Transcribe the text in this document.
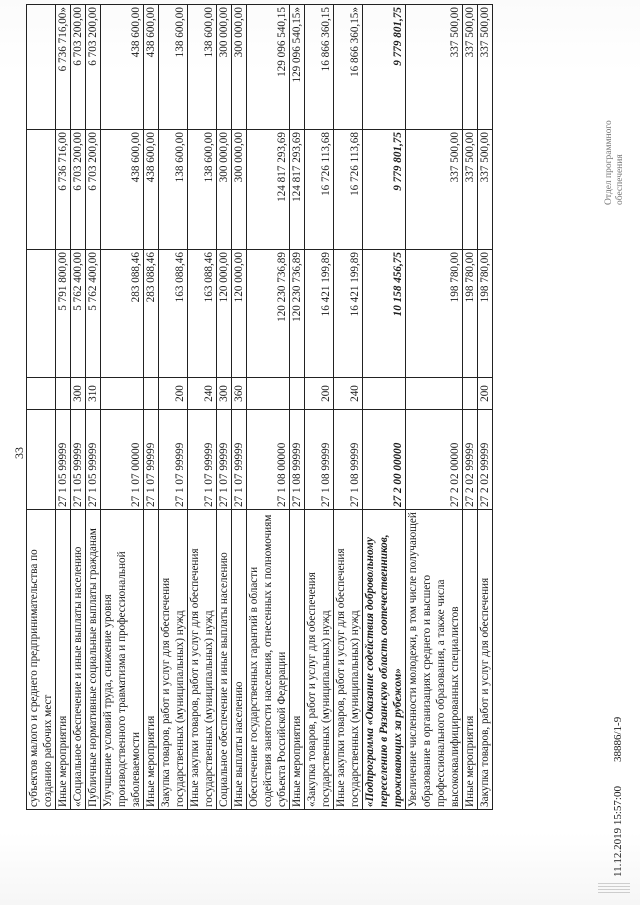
33
субъектов малого и среднего предпринимательства по созданию рабочих мест					
Иные мероприятия	27 1 05 99999		5 791 800,00	6 736 716,00	6 736 716,00»
«Социальное обеспечение и иные выплаты населению	27 1 05 99999	300	5 762 400,00	6 703 200,00	6 703 200,00
Публичные нормативные социальные выплаты гражданам	27 1 05 99999	310	5 762 400,00	6 703 200,00	6 703 200,00
Улучшение условий труда, снижение уровня производственного травматизма и профессиональной заболеваемости	27 1 07 00000		283 088,46	438 600,00	438 600,00
Иные мероприятия	27 1 07 99999		283 088,46	438 600,00	438 600,00
Закупка товаров, работ и услуг для обеспечения государственных (муниципальных) нужд	27 1 07 99999	200	163 088,46	138 600,00	138 600,00
Иные закупки товаров, работ и услуг для обеспечения государственных (муниципальных) нужд	27 1 07 99999	240	163 088,46	138 600,00	138 600,00
Социальное обеспечение и иные выплаты населению	27 1 07 99999	300	120 000,00	300 000,00	300 000,00
Иные выплаты населению	27 1 07 99999	360	120 000,00	300 000,00	300 000,00
Обеспечение государственных гарантий в области содействия занятости населения, отнесенных к полномочиям субъекта Российской Федерации	27 1 08 00000		120 230 736,89	124 817 293,69	129 096 540,15
Иные мероприятия	27 1 08 99999		120 230 736,89	124 817 293,69	129 096 540,15»
«Закупка товаров, работ и услуг для обеспечения государственных (муниципальных) нужд	27 1 08 99999	200	16 421 199,89	16 726 113,68	16 866 360,15
Иные закупки товаров, работ и услуг для обеспечения государственных (муниципальных) нужд	27 1 08 99999	240	16 421 199,89	16 726 113,68	16 866 360,15»
«Подпрограмма «Оказание содействия добровольному переселению в Рязанскую область соотечественников, проживающих за рубежом»	27 2 00 00000		10 158 456,75	9 779 801,75	9 779 801,75
Увеличение численности молодежи, в том числе получающей образование в организациях среднего и высшего профессионального образования, а также числа высококвалифицированных специалистов	27 2 02 00000		198 780,00	337 500,00	337 500,00
Иные мероприятия	27 2 02 99999		198 780,00	337 500,00	337 500,00
Закупка товаров, работ и услуг для обеспечения	27 2 02 99999	200	198 780,00	337 500,00	337 500,00
11.12.2019 15:57:0038886/1-9
Отдел программного обеспечения
